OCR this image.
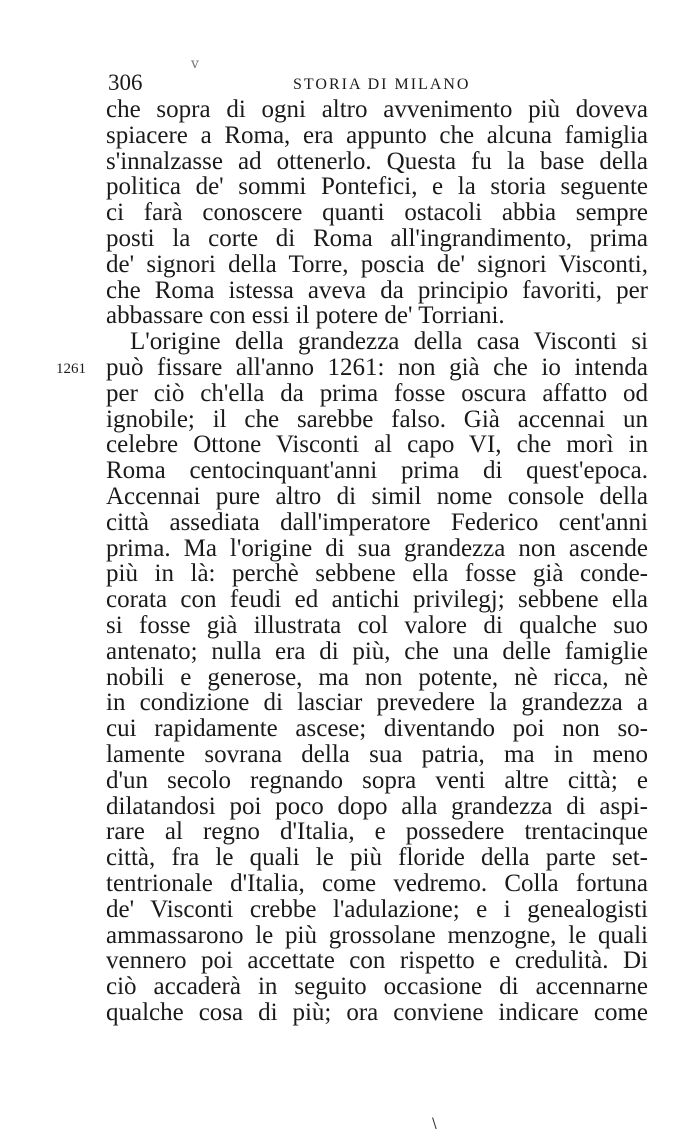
v
306	STORIA DI MILANO
1261
che sopra di ogni altro avvenimento più doveva
spiacere a Roma, era appunto che alcuna famiglia
s'innalzasse ad ottenerlo. Questa fu la base della
politica de' sommi Pontefici, e la storia seguente
ci farà conoscere quanti ostacoli abbia sempre
posti la corte di Roma all'ingrandimento, prima
de' signori della Torre, poscia de' signori Visconti,
che Roma istessa aveva da principio favoriti, per
abbassare con essi il potere de' Torriani.
L'origine della grandezza della casa Visconti si
può fissare all'anno 1261: non già che io intenda
per ciò ch'ella da prima fosse oscura affatto od
ignobile; il che sarebbe falso. Già accennai un
celebre Ottone Visconti al capo VI, che morì in
Roma centocinquant'anni prima di quest'epoca.
Accennai pure altro di simil nome console della
città assediata dall'imperatore Federico cent'anni
prima. Ma l'origine di sua grandezza non ascende
più in là: perchè sebbene ella fosse già conde-
corata con feudi ed antichi privilegj; sebbene ella
si fosse già illustrata col valore di qualche suo
antenato; nulla era di più, che una delle famiglie
nobili e generose, ma non potente, nè ricca, nè
in condizione di lasciar prevedere la grandezza a
cui rapidamente ascese; diventando poi non so-
lamente sovrana della sua patria, ma in meno
d'un secolo regnando sopra venti altre città; e
dilatandosi poi poco dopo alla grandezza di aspi-
rare al regno d'Italia, e possedere trentacinque
città, fra le quali le più floride della parte set-
tentrionale d'Italia, come vedremo. Colla fortuna
de' Visconti crebbe l'adulazione; e i genealogisti
ammassarono le più grossolane menzogne, le quali
vennero poi accettate con rispetto e credulità. Di
ciò accaderà in seguito occasione di accennarne
qualche cosa di più; ora conviene indicare come
\
